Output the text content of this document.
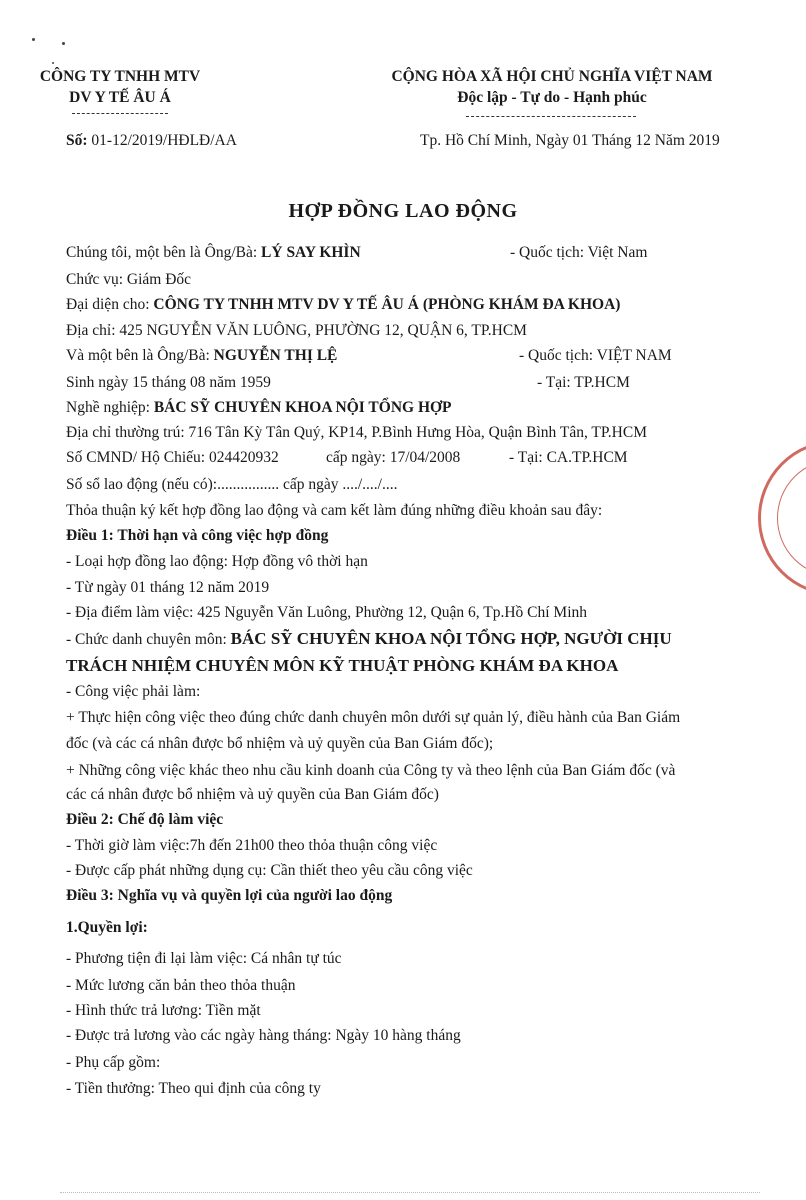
CÔNG TY TNHH MTV
DV Y TẾ ÂU Á
CỘNG HÒA XÃ HỘI CHỦ NGHĨA VIỆT NAM
Độc lập - Tự do - Hạnh phúc
Số: 01-12/2019/HĐLĐ/AA	Tp. Hồ Chí Minh, Ngày 01 Tháng 12 Năm 2019
HỢP ĐỒNG LAO ĐỘNG
Chúng tôi, một bên là Ông/Bà: LÝ SAY KHÌN	- Quốc tịch: Việt Nam
Chức vụ: Giám Đốc
Đại diện cho: CÔNG TY TNHH MTV DV Y TẾ ÂU Á (PHÒNG KHÁM ĐA KHOA)
Địa chỉ: 425 NGUYỄN VĂN LUÔNG, PHƯỜNG 12, QUẬN 6, TP.HCM
Và một bên là Ông/Bà: NGUYỄN THỊ LỆ	- Quốc tịch: VIỆT NAM
Sinh ngày 15 tháng 08 năm 1959	- Tại: TP.HCM
Nghề nghiệp: BÁC SỸ CHUYÊN KHOA NỘI TỔNG HỢP
Địa chỉ thường trú: 716 Tân Kỳ Tân Quý, KP14, P.Bình Hưng Hòa, Quận Bình Tân, TP.HCM
Số CMND/ Hộ Chiếu: 024420932	cấp ngày: 17/04/2008	- Tại: CA.TP.HCM
Số sổ lao động (nếu có):................ cấp ngày ..../..../....
Thỏa thuận ký kết hợp đồng lao động và cam kết làm đúng những điều khoản sau đây:
Điều 1: Thời hạn và công việc hợp đồng
- Loại hợp đồng lao động: Hợp đồng vô thời hạn
- Từ ngày 01 tháng 12 năm 2019
- Địa điểm làm việc: 425 Nguyễn Văn Luông, Phường 12, Quận 6, Tp.Hồ Chí Minh
- Chức danh chuyên môn: BÁC SỸ CHUYÊN KHOA NỘI TỔNG HỢP, NGƯỜI CHỊU
TRÁCH NHIỆM CHUYÊN MÔN KỸ THUẬT PHÒNG KHÁM ĐA KHOA
- Công việc phải làm:
+ Thực hiện công việc theo đúng chức danh chuyên môn dưới sự quản lý, điều hành của Ban Giám
đốc (và các cá nhân được bổ nhiệm và uỷ quyền của Ban Giám đốc);
+ Những công việc khác theo nhu cầu kinh doanh của Công ty và theo lệnh của Ban Giám đốc (và
các cá nhân được bổ nhiệm và uỷ quyền của Ban Giám đốc)
Điều 2: Chế độ làm việc
- Thời giờ làm việc:7h đến 21h00 theo thỏa thuận công việc
- Được cấp phát những dụng cụ: Cần thiết theo yêu cầu công việc
Điều 3: Nghĩa vụ và quyền lợi của người lao động
1.Quyền lợi:
- Phương tiện đi lại làm việc: Cá nhân tự túc
- Mức lương căn bản theo thỏa thuận
- Hình thức trả lương: Tiền mặt
- Được trả lương vào các ngày hàng tháng: Ngày 10 hàng tháng
- Phụ cấp gồm:
- Tiền thưởng: Theo qui định của công ty
